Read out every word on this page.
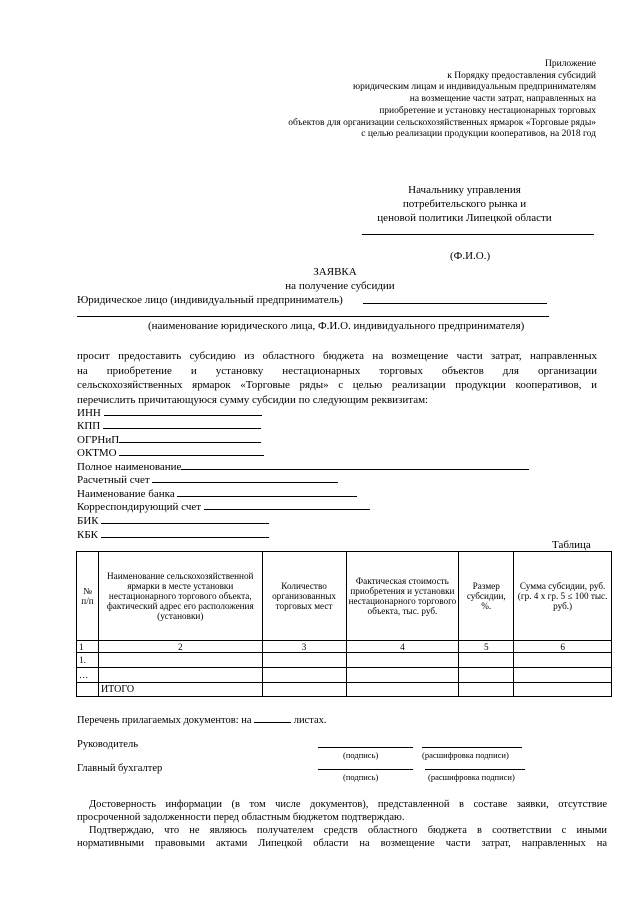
Приложение
к Порядку предоставления субсидий
юридическим лицам и индивидуальным предпринимателям
на возмещение части затрат, направленных на
приобретение и установку нестационарных торговых
объектов для организации сельскохозяйственных ярмарок «Торговые ряды»
с целью реализации продукции кооперативов, на 2018 год
Начальнику управления
потребительского рынка и
ценовой политики Липецкой области
(Ф.И.О.)
ЗАЯВКА
на получение субсидии
Юридическое лицо (индивидуальный предприниматель)
(наименование юридического лица, Ф.И.О. индивидуального предпринимателя)
просит предоставить субсидию из областного бюджета на возмещение части затрат, направленных
на приобретение и установку нестационарных торговых объектов для организации
сельскохозяйственных ярмарок «Торговые ряды» с целью реализации продукции кооперативов, и
перечислить причитающуюся сумму субсидии по следующим реквизитам:
ИНН
КПП
ОГРНиП
ОКТМО
Полное наименование
Расчетный счет
Наименование банка
Корреспондирующий счет
БИК
КБК
Таблица
№ п/п	Наименование сельскохозяйственной ярмарки в месте установки нестационарного торгового объекта, фактический адрес его расположения (установки)	Количество организованных торговых мест	Фактическая стоимость приобретения и установки нестационарного торгового объекта, тыс. руб.	Размер субсидии, %.	Сумма субсидии, руб. (гр. 4 х гр. 5 ≤ 100 тыс. руб.)
1	2	3	4	5	6
1.					
…					
	ИТОГО				
Перечень прилагаемых документов: на	листах.
Руководитель
(подпись)	(расшифровка подписи)
Главный бухгалтер
(подпись)	(расшифровка подписи)
Достоверность информации (в том числе документов), представленной в составе заявки, отсутствие
просроченной задолженности перед областным бюджетом подтверждаю.
Подтверждаю, что не являюсь получателем средств областного бюджета в соответствии с иными
нормативными правовыми актами Липецкой области на возмещение части затрат, направленных на
